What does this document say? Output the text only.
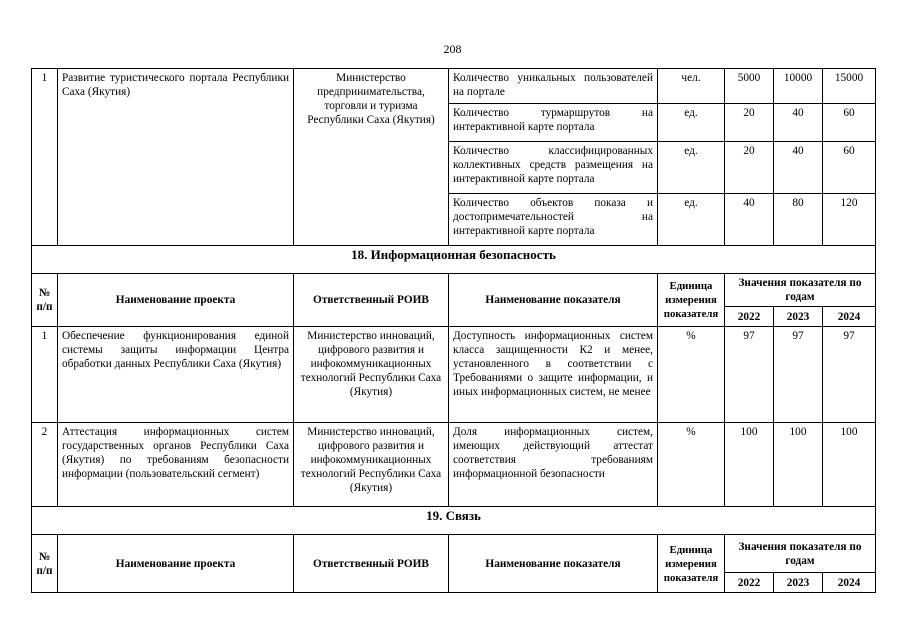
208
1	Развитие туристического портала Республики Саха (Якутия)	Министерство предпринимательства, торговли и туризма Республики Саха (Якутия)	Количество уникальных пользователей на портале	чел.	5000	10000	15000
			Количество турмаршрутов на интерактивной карте портала	ед.	20	40	60
			Количество классифицированных коллективных средств размещения на интерактивной карте портала	ед.	20	40	60
			Количество объектов показа и достопримечательностей на интерактивной карте портала	ед.	40	80	120
18. Информационная безопасность							
№ п/п	Наименование проекта	Ответственный РОИВ	Наименование показателя	Единица измерения показателя	Значения показателя по годам		
					2022	2023	2024
1	Обеспечение функционирования единой системы защиты информации Центра обработки данных Республики Саха (Якутия)	Министерство инноваций, цифрового развития и инфокоммуникационных технологий Республики Саха (Якутия)	Доступность информационных систем класса защищенности К2 и менее, установленного в соответствии с Требованиями о защите информации, и иных информационных систем, не менее	%	97	97	97
2	Аттестация информационных систем государственных органов Республики Саха (Якутия) по требованиям безопасности информации (пользовательский сегмент)	Министерство инноваций, цифрового развития и инфокоммуникационных технологий Республики Саха (Якутия)	Доля информационных систем, имеющих действующий аттестат соответствия требованиям информационной безопасности	%	100	100	100
19. Связь							
№ п/п	Наименование проекта	Ответственный РОИВ	Наименование показателя	Единица измерения показателя	Значения показателя по годам		
					2022	2023	2024
